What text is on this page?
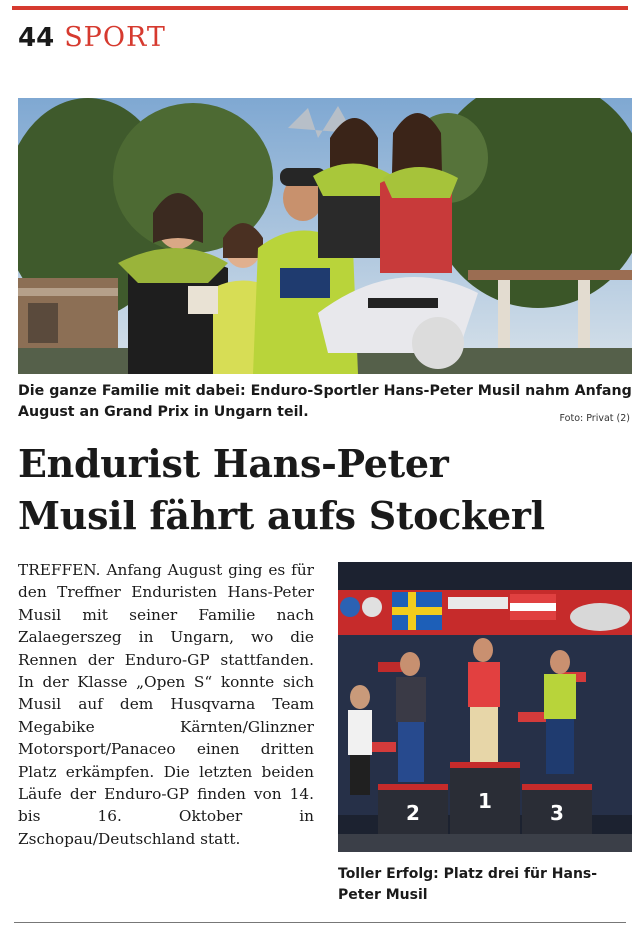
44 SPORT
Die ganze Familie mit dabei: Enduro-Sportler Hans-Peter Musil nahm Anfang August an Grand Prix in Ungarn teil.	Foto: Privat (2)
Endurist Hans-Peter
Musil fährt aufs Stockerl

TREFFEN. Anfang August ging es für den Treffner Enduristen Hans-Peter Musil mit seiner Familie nach Zalaegerszeg in Ungarn, wo die Rennen der Enduro-GP stattfanden. In der Klasse „Open S“ konnte sich Musil auf dem Husqvarna Team Megabike Kärnten/Glinzner Motorsport/Panaceo einen dritten Platz erkämpfen. Die letzten beiden Läufe der Enduro-GP finden von 14. bis 16. Oktober in Zschopau/Deutschland statt.

2	1	3
Toller Erfolg: Platz drei für Hans-Peter Musil
